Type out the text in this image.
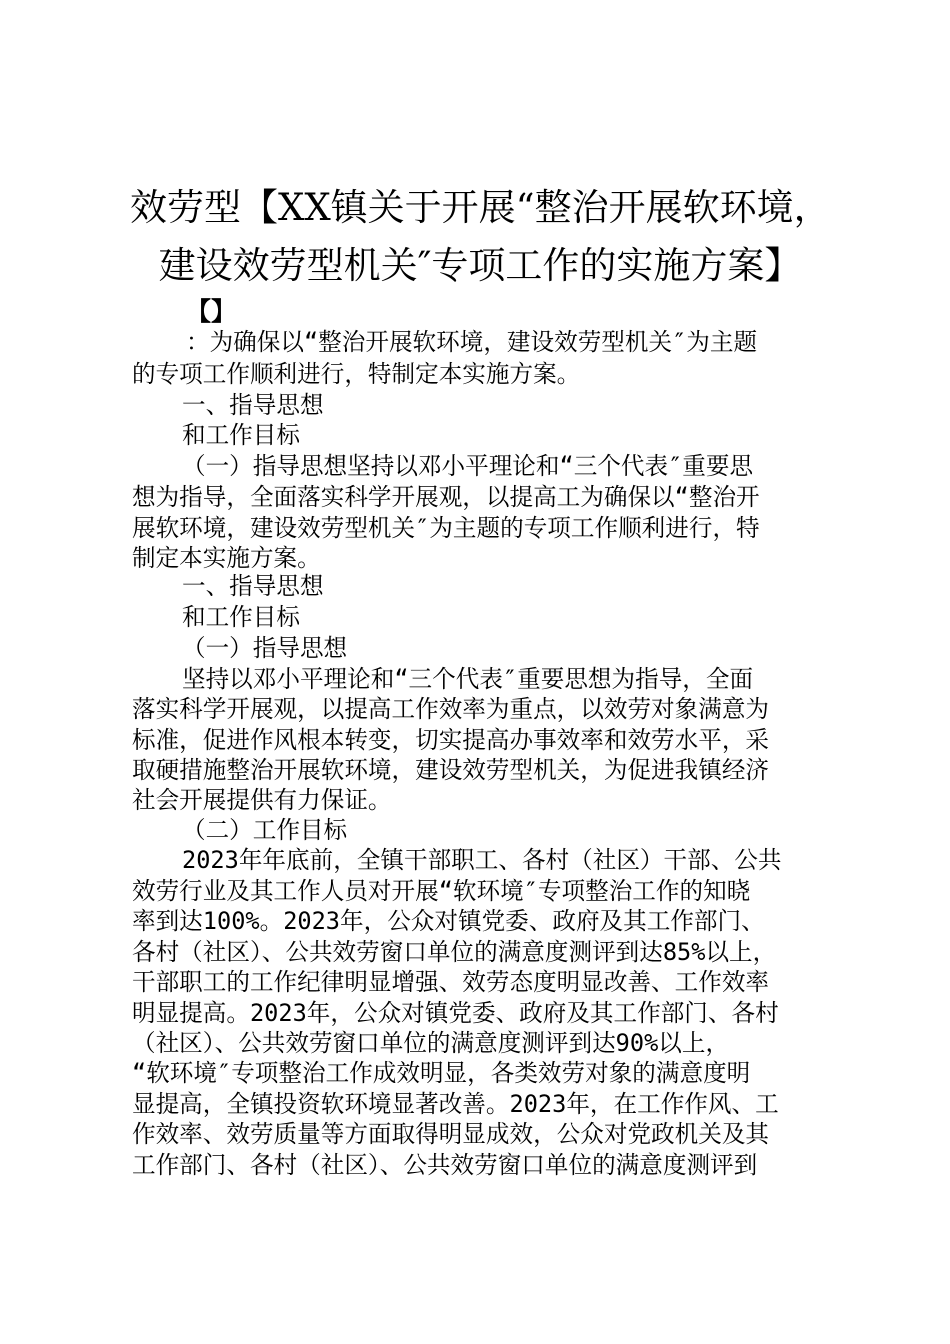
效劳型【XX镇关于开展“整治开展软环境，
建设效劳型机关″专项工作的实施方案】
【】
：为确保以“整治开展软环境，建设效劳型机关″为主题
的专项工作顺利进行，特制定本实施方案。
一、指导思想
和工作目标
（一）指导思想坚持以邓小平理论和“三个代表″重要思
想为指导，全面落实科学开展观，以提高工为确保以“整治开
展软环境，建设效劳型机关″为主题的专项工作顺利进行，特
制定本实施方案。
一、指导思想
和工作目标
（一）指导思想
坚持以邓小平理论和“三个代表″重要思想为指导，全面
落实科学开展观，以提高工作效率为重点，以效劳对象满意为
标准，促进作风根本转变，切实提高办事效率和效劳水平，采
取硬措施整治开展软环境，建设效劳型机关，为促进我镇经济
社会开展提供有力保证。
（二）工作目标
2023年年底前，全镇干部职工、各村（社区）干部、公共
效劳行业及其工作人员对开展“软环境″专项整治工作的知晓
率到达100%。2023年，公众对镇党委、政府及其工作部门、
各村（社区）、公共效劳窗口单位的满意度测评到达85%以上，
干部职工的工作纪律明显增强、效劳态度明显改善、工作效率
明显提高。2023年，公众对镇党委、政府及其工作部门、各村
（社区）、公共效劳窗口单位的满意度测评到达90%以上，
“软环境″专项整治工作成效明显，各类效劳对象的满意度明
显提高，全镇投资软环境显著改善。2023年，在工作作风、工
作效率、效劳质量等方面取得明显成效，公众对党政机关及其
工作部门、各村（社区）、公共效劳窗口单位的满意度测评到
